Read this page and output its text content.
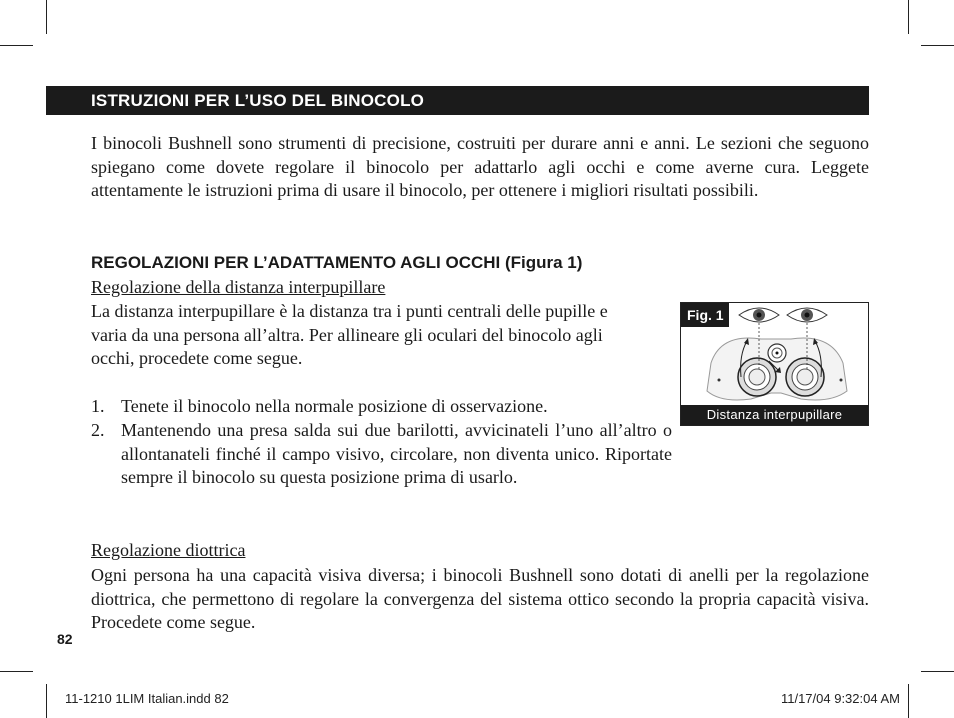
ISTRUZIONI PER L’USO DEL BINOCOLO
I binocoli Bushnell sono strumenti di precisione, costruiti per durare anni e anni. Le sezioni che seguono spiegano come dovete regolare il binocolo per adattarlo agli occhi e come averne cura. Leggete attentamente le istruzioni prima di usare il binocolo, per ottenere i migliori risultati possibili.
REGOLAZIONI PER L’ADATTAMENTO AGLI OCCHI (Figura 1)
Regolazione della distanza interpupillare
La distanza interpupillare è la distanza tra i punti centrali delle pupille e
varia da una persona all’altra. Per allineare gli oculari del binocolo agli
occhi, procedete come segue.
1. Tenete il binocolo nella normale posizione di osservazione.
2. Mantenendo una presa salda sui due barilotti, avvicinateli l’uno all’altro o allontanateli finché il campo visivo, circolare, non diventa unico. Riportate sempre il binocolo su questa posizione prima di usarlo.
Fig. 1
Distanza interpupillare
Regolazione diottrica
Ogni persona ha una capacità visiva diversa; i binocoli Bushnell sono dotati di anelli per la regolazione diottrica, che permettono di regolare la convergenza del sistema ottico secondo la propria capacità visiva. Procedete come segue.
82
11-1210 1LIM Italian.indd 82	11/17/04 9:32:04 AM
